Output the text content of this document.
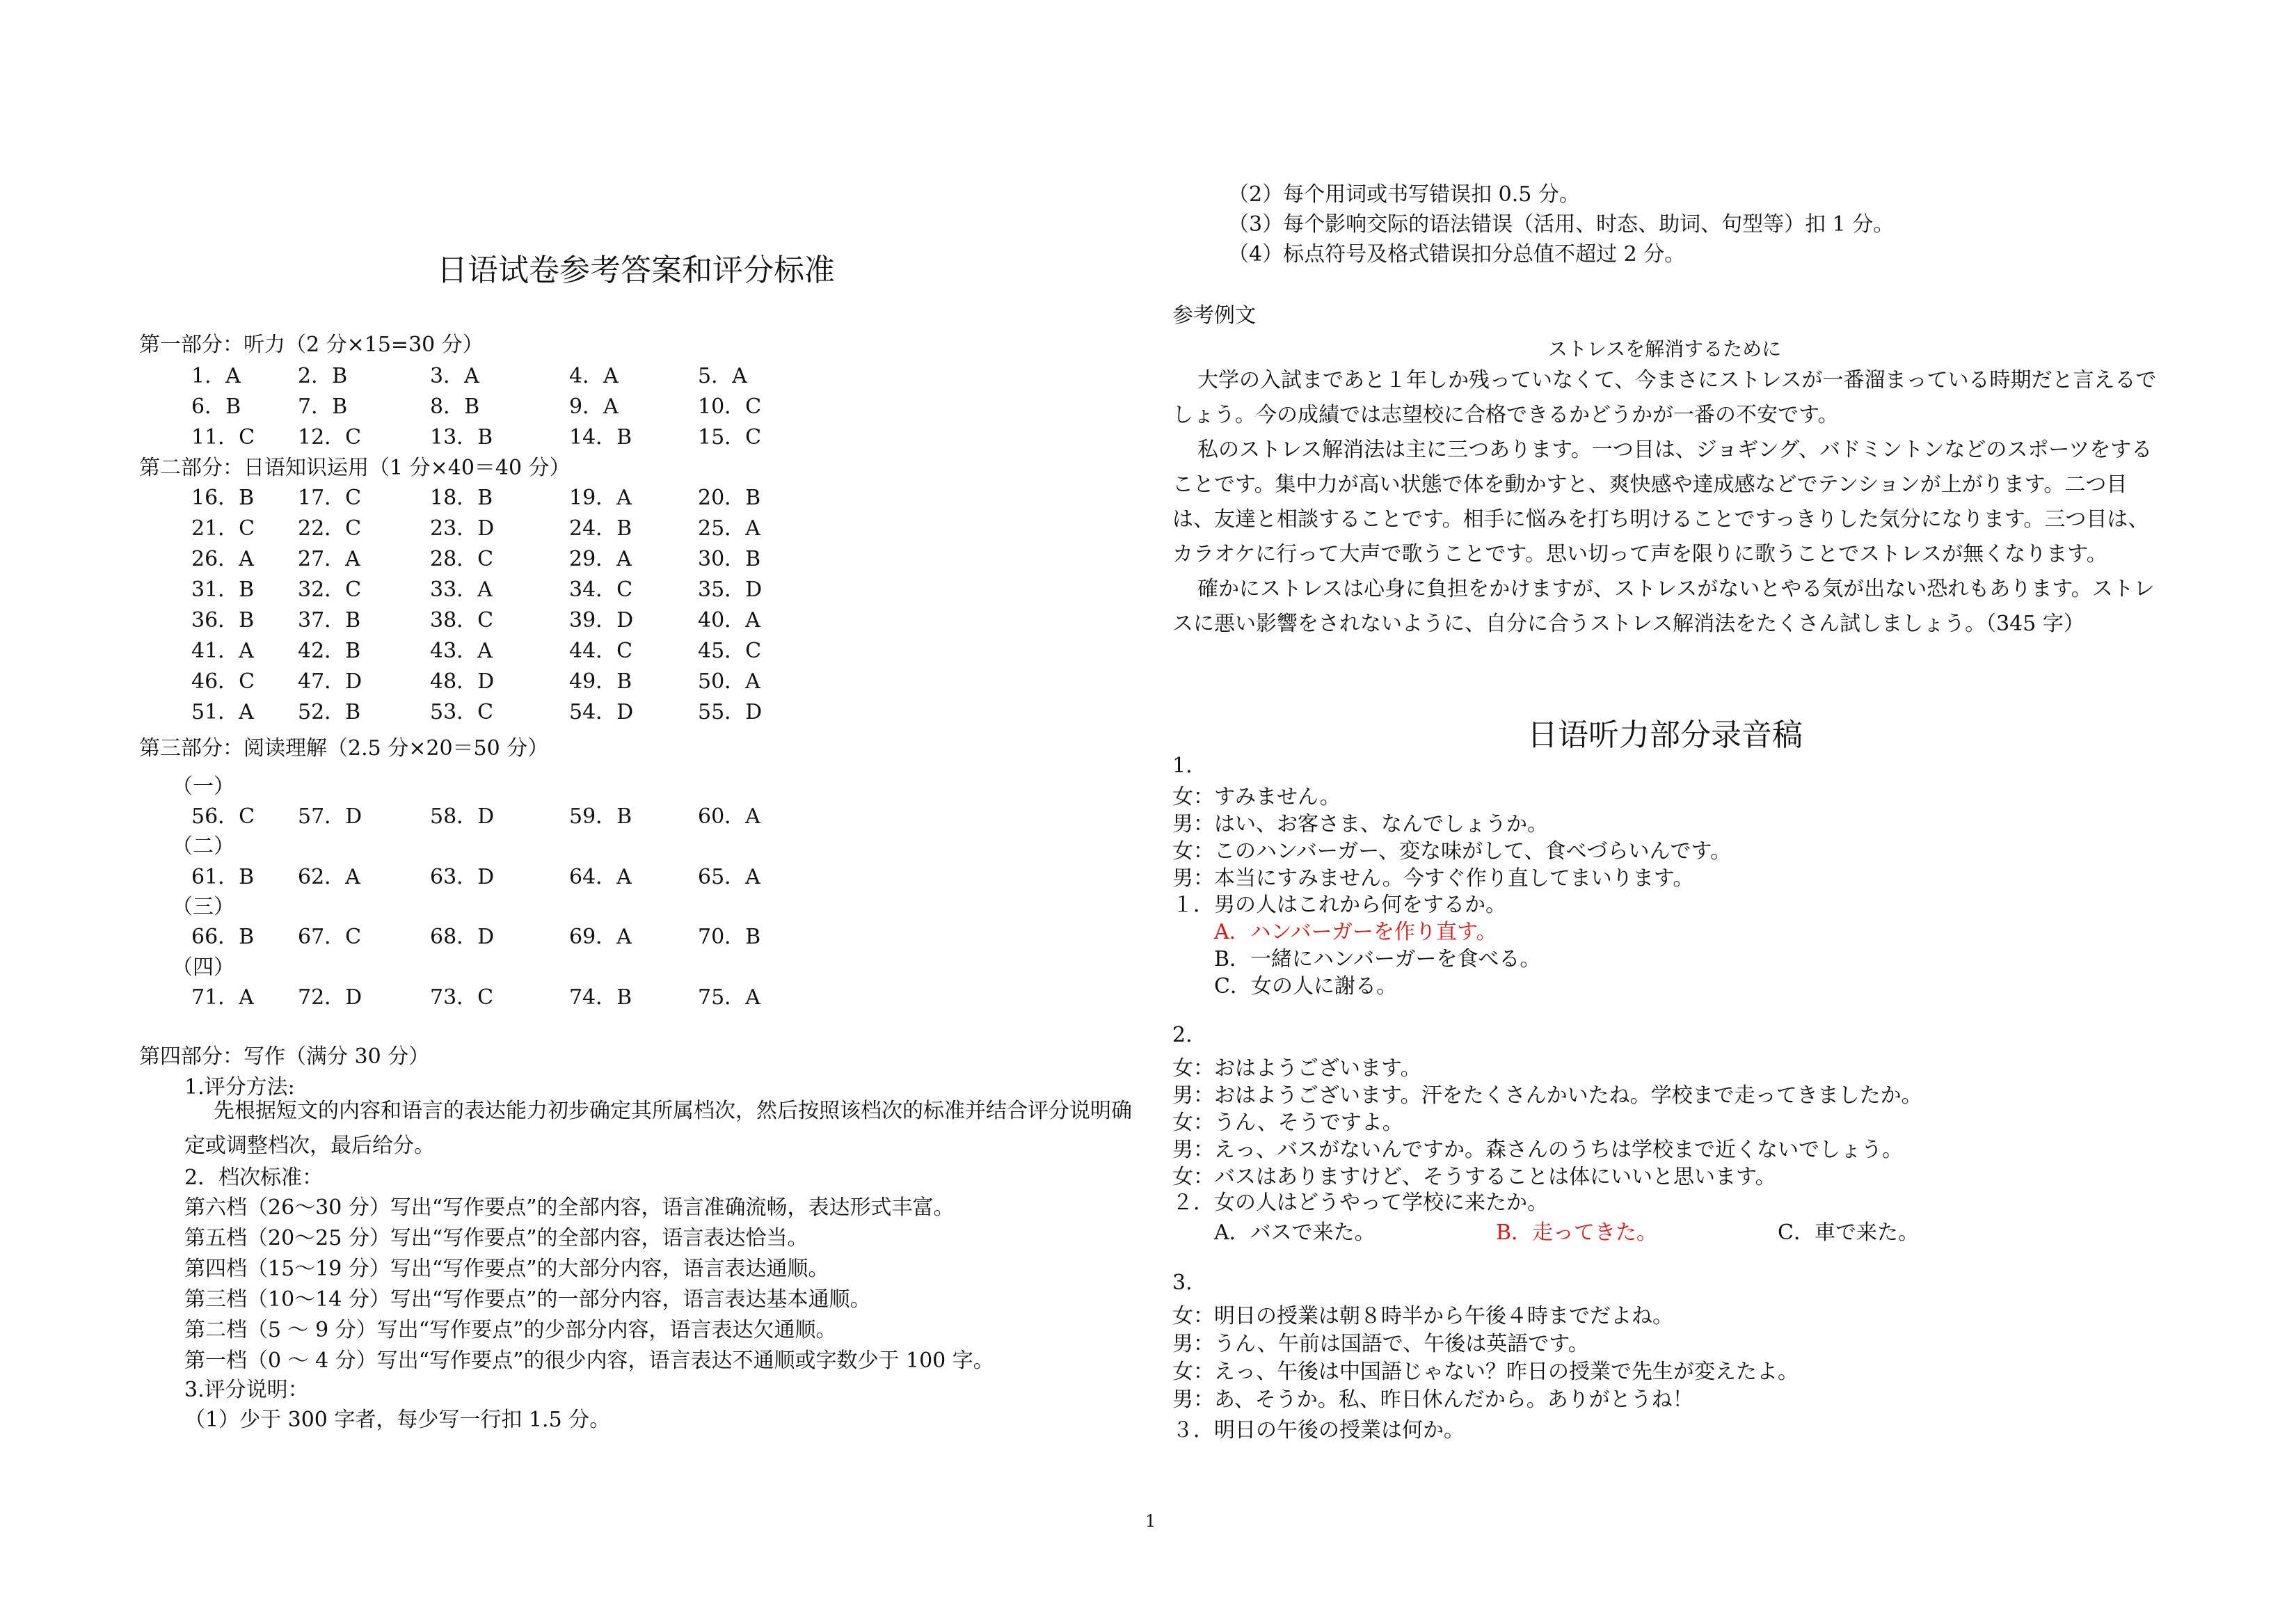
日语试卷参考答案和评分标准
第一部分：听力（2 分×15=30 分）
1．A	2．B	3．A	4．A	5．A
6．B	7．B	8．B	9．A	10．C
11．C 12．C	13．B	14．B	15．C
第二部分：日语知识运用（1 分×40＝40 分）
16．B 17．C	18．B	19．A	20．B
21．C 22．C	23．D	24．B	25．A
26．A 27．A	28．C	29．A	30．B
31．B 32．C	33．A	34．C	35．D
36．B 37．B	38．C	39．D	40．A
41．A 42．B	43．A	44．C	45．C
46．C 47．D	48．D	49．B	50．A
51．A 52．B	53．C	54．D	55．D
第三部分：阅读理解（2.5 分×20＝50 分）
（一）
56．C 57．D	58．D	59．B	60．A
（二）
61．B 62．A	63．D	64．A	65．A
（三）
66．B 67．C	68．D	69．A	70．B
（四）
71．A 72．D	73．C	74．B	75．A
第四部分：写作（满分 30 分）
1.评分方法:
先根据短文的内容和语言的表达能力初步确定其所属档次，然后按照该档次的标准并结合评分说明确定或调整档次，最后给分。
2．档次标准：
第六档（26～30 分）写出“写作要点”的全部内容，语言准确流畅，表达形式丰富。
第五档（20～25 分）写出“写作要点”的全部内容，语言表达恰当。
第四档（15～19 分）写出“写作要点”的大部分内容，语言表达通顺。
第三档（10～14 分）写出“写作要点”的一部分内容，语言表达基本通顺。
第二档（5 ～ 9 分）写出“写作要点”的少部分内容，语言表达欠通顺。
第一档（0 ～ 4 分）写出“写作要点”的很少内容，语言表达不通顺或字数少于 100 字。
3.评分说明：
（1）少于 300 字者，每少写一行扣 1.5 分。
（2）每个用词或书写错误扣 0.5 分。
（3）每个影响交际的语法错误（活用、时态、助词、句型等）扣 1 分。
（4）标点符号及格式错误扣分总值不超过 2 分。
参考例文
ストレスを解消するために
大学の入試まであと１年しか残っていなくて、今まさにストレスが一番溜まっている時期だと言えるでしょう。今の成績では志望校に合格できるかどうかが一番の不安です。
私のストレス解消法は主に三つあります。一つ目は、ジョギング、バドミントンなどのスポーツをすることです。集中力が高い状態で体を動かすと、爽快感や達成感などでテンションが上がります。二つ目は、友達と相談することです。相手に悩みを打ち明けることですっきりした気分になります。三つ目は、カラオケに行って大声で歌うことです。思い切って声を限りに歌うことでストレスが無くなります。
確かにストレスは心身に負担をかけますが、ストレスがないとやる気が出ない恐れもあります。ストレスに悪い影響をされないように、自分に合うストレス解消法をたくさん試しましょう。（345 字）
日语听力部分录音稿
1.
女：すみません。
男：はい、お客さま、なんでしょうか。
女：このハンバーガー、変な味がして、食べづらいんです。
男：本当にすみません。今すぐ作り直してまいります。
１．男の人はこれから何をするか。
A．ハンバーガーを作り直す。
B．一緒にハンバーガーを食べる。
C．女の人に謝る。
2.
女：おはようございます。
男：おはようございます。汗をたくさんかいたね。学校まで走ってきましたか。
女：うん、そうですよ。
男：えっ、バスがないんですか。森さんのうちは学校まで近くないでしょう。
女：バスはありますけど、そうすることは体にいいと思います。
２．女の人はどうやって学校に来たか。
A．バスで来た。	B．走ってきた。	C．車で来た。
3.
女：明日の授業は朝８時半から午後４時までだよね。
男：うん、午前は国語で、午後は英語です。
女：えっ、午後は中国語じゃない？昨日の授業で先生が変えたよ。
男：あ、そうか。私、昨日休んだから。ありがとうね！
３．明日の午後の授業は何か。
1
